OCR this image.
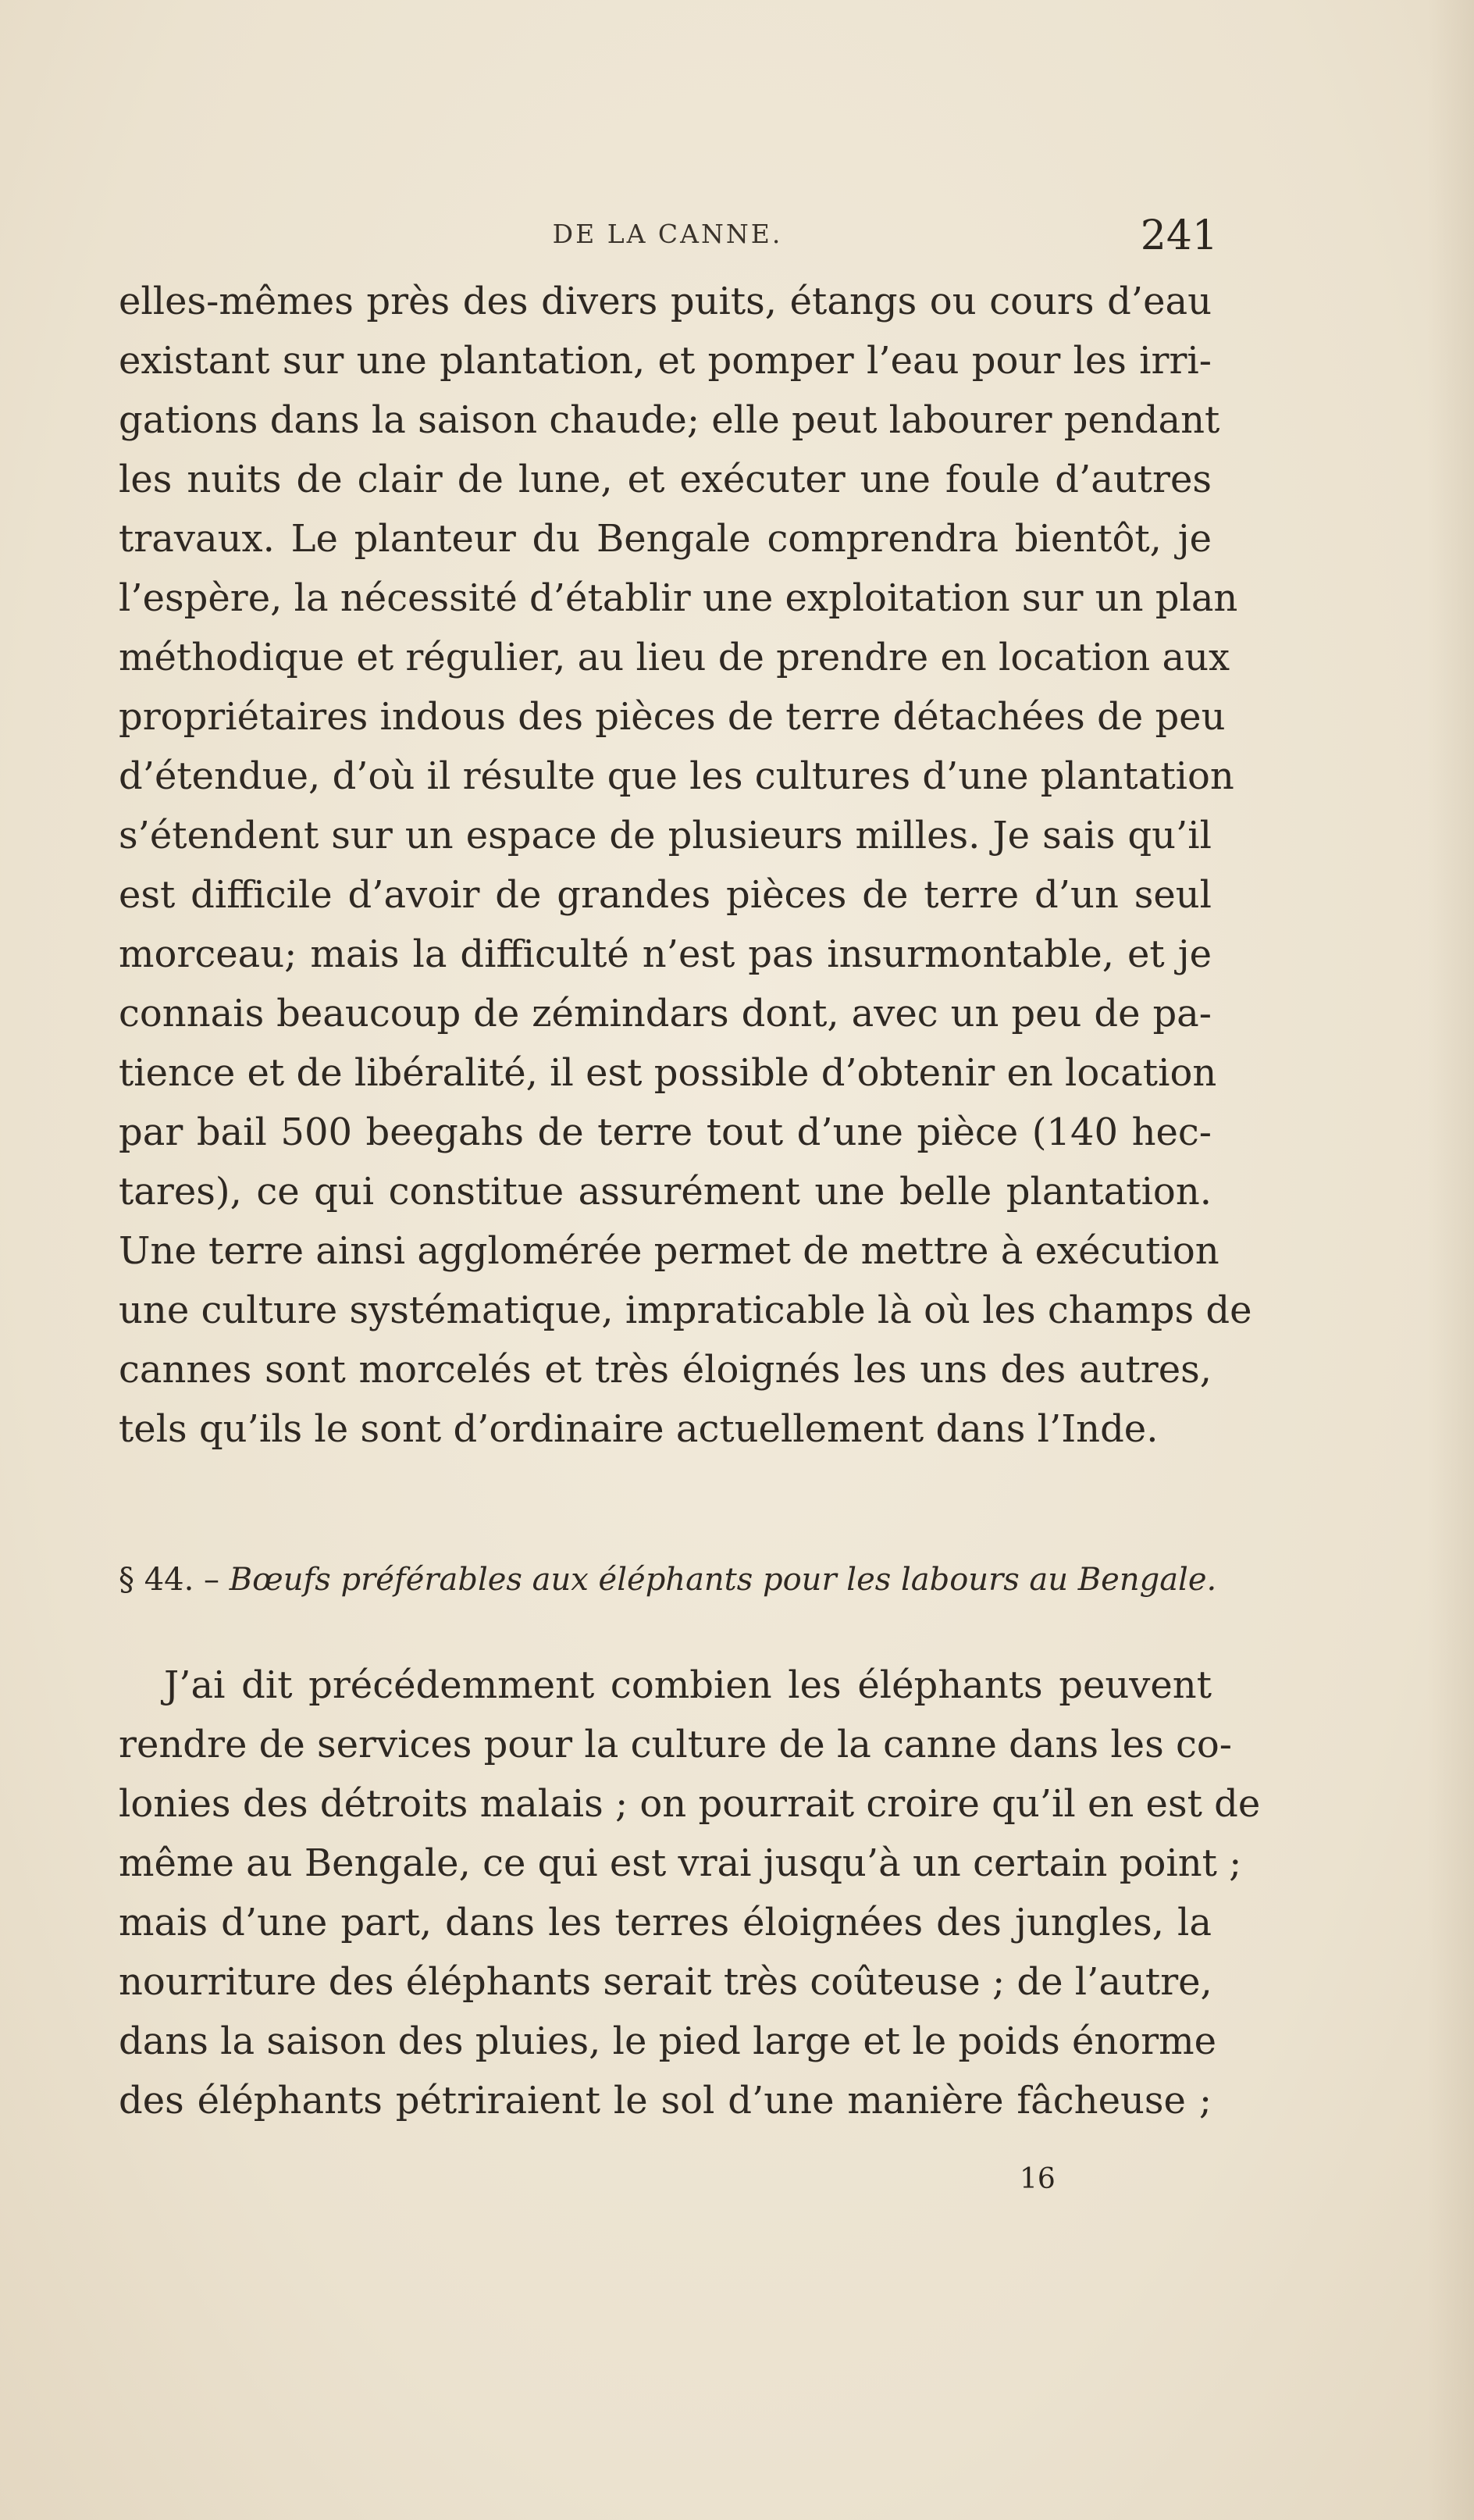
DE LA CANNE.	241
elles-mêmes près des divers puits, étangs ou cours d’eau
existant sur une plantation, et pomper l’eau pour les irri-
gations dans la saison chaude; elle peut labourer pendant
les nuits de clair de lune, et exécuter une foule d’autres
travaux. Le planteur du Bengale comprendra bientôt, je
l’espère, la nécessité d’établir une exploitation sur un plan
méthodique et régulier, au lieu de prendre en location aux
propriétaires indous des pièces de terre détachées de peu
d’étendue, d’où il résulte que les cultures d’une plantation
s’étendent sur un espace de plusieurs milles. Je sais qu’il
est difficile d’avoir de grandes pièces de terre d’un seul
morceau; mais la difficulté n’est pas insurmontable, et je
connais beaucoup de zémindars dont, avec un peu de pa-
tience et de libéralité, il est possible d’obtenir en location
par bail 500 beegahs de terre tout d’une pièce (140 hec-
tares), ce qui constitue assurément une belle plantation.
Une terre ainsi agglomérée permet de mettre à exécution
une culture systématique, impraticable là où les champs de
cannes sont morcelés et très éloignés les uns des autres,
tels qu’ils le sont d’ordinaire actuellement dans l’Inde.
§ 44. – Bœufs préférables aux éléphants pour les labours au Bengale.
J’ai dit précédemment combien les éléphants peuvent
rendre de services pour la culture de la canne dans les co-
lonies des détroits malais ; on pourrait croire qu’il en est de
même au Bengale, ce qui est vrai jusqu’à un certain point ;
mais d’une part, dans les terres éloignées des jungles, la
nourriture des éléphants serait très coûteuse ; de l’autre,
dans la saison des pluies, le pied large et le poids énorme
des éléphants pétriraient le sol d’une manière fâcheuse ;
16
